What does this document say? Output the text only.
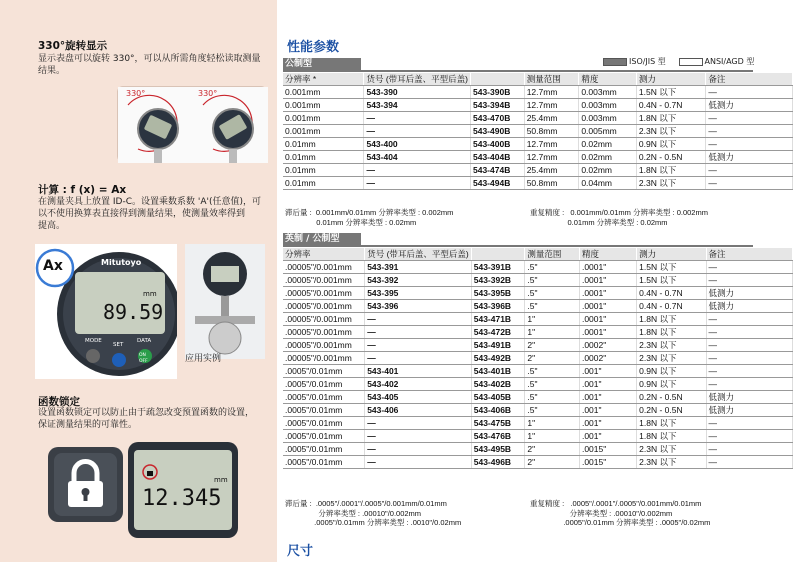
330°旋转显示
显示表盘可以旋转 330°，可以从所需角度轻松读取测量
结果。
330°	330°
计算 : f (x) = Ax
在测量夹具上放置 ID-C。设置乘数系数 'A'(任意值)，可
以不使用换算表直接得到测量结果，使测量效率得到
提高。
Ax	Mitutoyo
89.59
mm
MODE
SET
DATA
ON
OFF	应用实例
函数锁定
设置函数锁定可以防止由于疏忽改变预置函数的设置，
保证测量结果的可靠性。
12.345
mm
性能参数
ISO/JIS 型	ANSI/AGD 型
公制型
分辨率 *	货号 (带耳后盖、平型后盖)		测量范围	精度	测力	备注
0.001mm	543-390	543-390B	12.7mm	0.003mm	1.5N 以下	—
0.001mm	543-394	543-394B	12.7mm	0.003mm	0.4N - 0.7N	低测力
0.001mm	—	543-470B	25.4mm	0.003mm	1.8N 以下	—
0.001mm	—	543-490B	50.8mm	0.005mm	2.3N 以下	—
0.01mm	543-400	543-400B	12.7mm	0.02mm	0.9N 以下	—
0.01mm	543-404	543-404B	12.7mm	0.02mm	0.2N - 0.5N	低测力
0.01mm	—	543-474B	25.4mm	0.02mm	1.8N 以下	—
0.01mm	—	543-494B	50.8mm	0.04mm	2.3N 以下	—
滞后量 :  0.001mm/0.01mm 分辨率类型 : 0.002mm
0.01mm 分辨率类型 : 0.02mm
重复精度 :   0.001mm/0.01mm 分辨率类型 : 0.002mm
0.01mm 分辨率类型 : 0.02mm
英制 / 公制型
分辨率	货号 (带耳后盖、平型后盖)		测量范围	精度	测力	备注
.00005"/0.001mm	543-391	543-391B	.5"	.0001"	1.5N 以下	—
.00005"/0.001mm	543-392	543-392B	.5"	.0001"	1.5N 以下	—
.00005"/0.001mm	543-395	543-395B	.5"	.0001"	0.4N - 0.7N	低测力
.00005"/0.001mm	543-396	543-396B	.5"	.0001"	0.4N - 0.7N	低测力
.00005"/0.001mm	—	543-471B	1"	.0001"	1.8N 以下	—
.00005"/0.001mm	—	543-472B	1"	.0001"	1.8N 以下	—
.00005"/0.001mm	—	543-491B	2"	.0002"	2.3N 以下	—
.00005"/0.001mm	—	543-492B	2"	.0002"	2.3N 以下	—
.0005"/0.01mm	543-401	543-401B	.5"	.001"	0.9N 以下	—
.0005"/0.01mm	543-402	543-402B	.5"	.001"	0.9N 以下	—
.0005"/0.01mm	543-405	543-405B	.5"	.001"	0.2N - 0.5N	低测力
.0005"/0.01mm	543-406	543-406B	.5"	.001"	0.2N - 0.5N	低测力
.0005"/0.01mm	—	543-475B	1"	.001"	1.8N 以下	—
.0005"/0.01mm	—	543-476B	1"	.001"	1.8N 以下	—
.0005"/0.01mm	—	543-495B	2"	.0015"	2.3N 以下	—
.0005"/0.01mm	—	543-496B	2"	.0015"	2.3N 以下	—
滞后量 :  .0005"/.0001"/.0005"/0.001mm/0.01mm
分辨率类型 : .00010"/0.002mm
.0005"/0.01mm 分辨率类型 : .0010"/0.02mm
重复精度 :   .0005"/.0001"/.0005"/0.001mm/0.01mm
分辨率类型 : .00010"/0.002mm
.0005"/0.01mm 分辨率类型 : .0005"/0.02mm
尺寸
